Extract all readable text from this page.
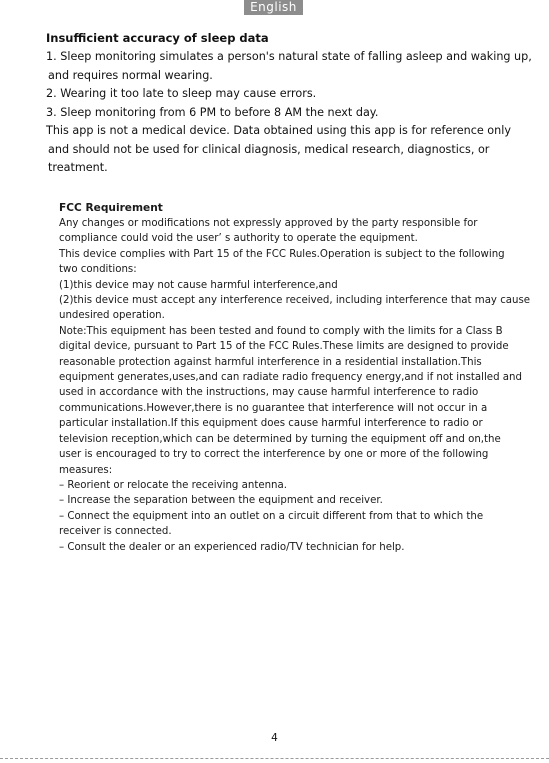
English

Insufficient accuracy of sleep data

1. Sleep monitoring simulates a person's natural state of falling asleep and waking up,

and requires normal wearing.

2. Wearing it too late to sleep may cause errors.

3. Sleep monitoring from 6 PM to before 8 AM the next day.

This app is not a medical device. Data obtained using this app is for reference only

and should not be used for clinical diagnosis, medical research, diagnostics, or

treatment.

FCC Requirement

Any changes or modifications not expressly approved by the party responsible for

compliance could void the user’ s authority to operate the equipment.

This device complies with Part 15 of the FCC Rules.Operation is subject to the following

two conditions:

(1)this device may not cause harmful interference,and

(2)this device must accept any interference received, including interference that may cause

undesired operation.

Note:This equipment has been tested and found to comply with the limits for a Class B

digital device, pursuant to Part 15 of the FCC Rules.These limits are designed to provide

reasonable protection against harmful interference in a residential installation.This

equipment generates,uses,and can radiate radio frequency energy,and if not installed and

used in accordance with the instructions, may cause harmful interference to radio

communications.However,there is no guarantee that interference will not occur in a

particular installation.If this equipment does cause harmful interference to radio or

television reception,which can be determined by turning the equipment off and on,the

user is encouraged to try to correct the interference by one or more of the following

measures:

– Reorient or relocate the receiving antenna.

– Increase the separation between the equipment and receiver.

– Connect the equipment into an outlet on a circuit different from that to which the

receiver is connected.

– Consult the dealer or an experienced radio/TV technician for help.

4
